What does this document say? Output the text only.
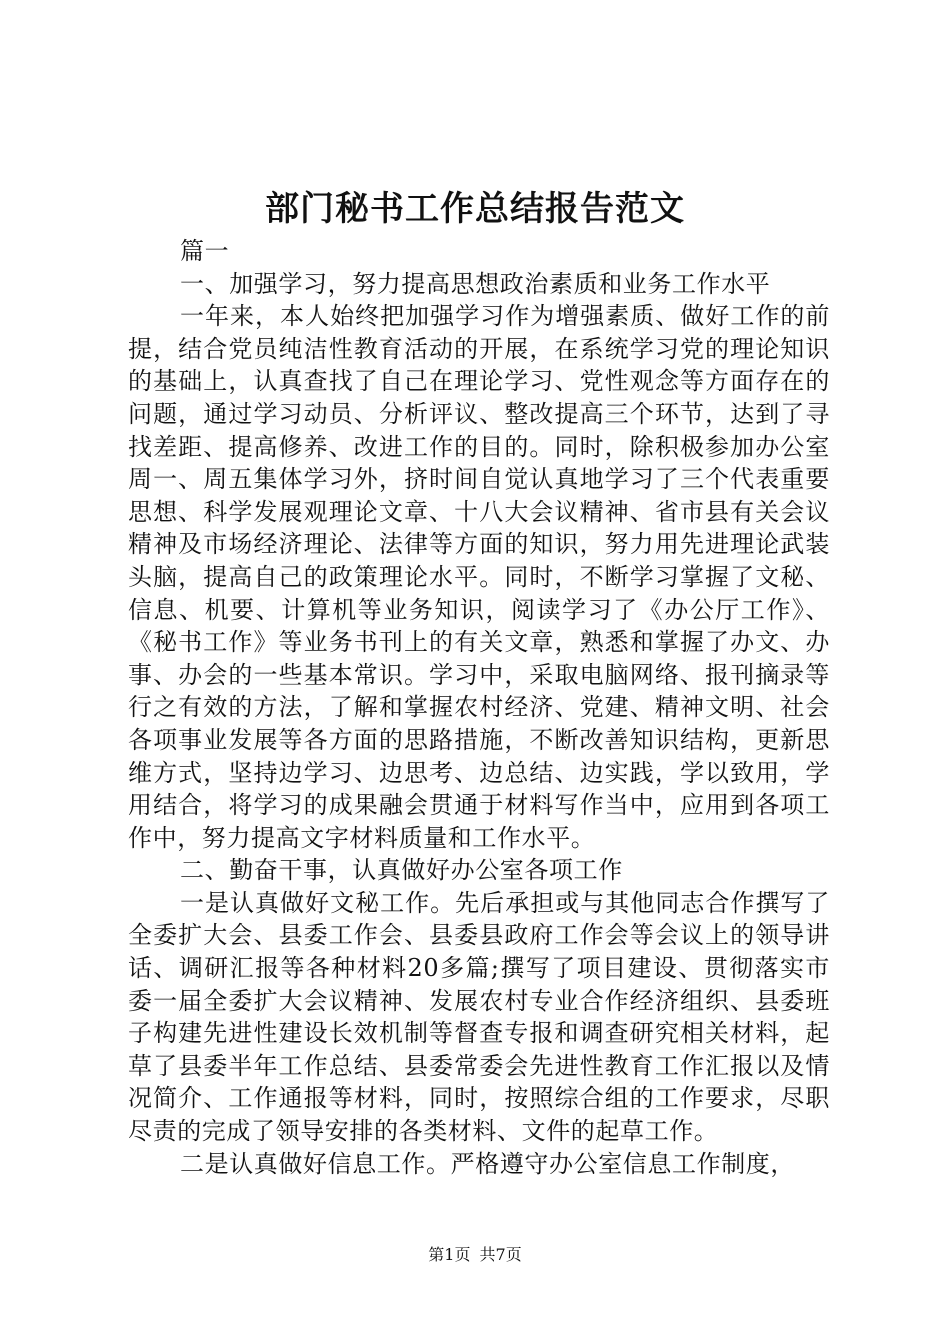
部门秘书工作总结报告范文

篇一

一、加强学习，努力提高思想政治素质和业务工作水平

一年来，本人始终把加强学习作为增强素质、做好工作的前提，结合党员纯洁性教育活动的开展，在系统学习党的理论知识的基础上，认真查找了自己在理论学习、党性观念等方面存在的问题，通过学习动员、分析评议、整改提高三个环节，达到了寻找差距、提高修养、改进工作的目的。同时，除积极参加办公室周一、周五集体学习外，挤时间自觉认真地学习了三个代表重要思想、科学发展观理论文章、十八大会议精神、省市县有关会议精神及市场经济理论、法律等方面的知识，努力用先进理论武装头脑，提高自己的政策理论水平。同时，不断学习掌握了文秘、信息、机要、计算机等业务知识，阅读学习了《办公厅工作》、《秘书工作》等业务书刊上的有关文章，熟悉和掌握了办文、办事、办会的一些基本常识。学习中，采取电脑网络、报刊摘录等行之有效的方法，了解和掌握农村经济、党建、精神文明、社会各项事业发展等各方面的思路措施，不断改善知识结构，更新思维方式，坚持边学习、边思考、边总结、边实践，学以致用，学用结合，将学习的成果融会贯通于材料写作当中，应用到各项工作中，努力提高文字材料质量和工作水平。

二、勤奋干事，认真做好办公室各项工作

一是认真做好文秘工作。先后承担或与其他同志合作撰写了全委扩大会、县委工作会、县委县政府工作会等会议上的领导讲话、调研汇报等各种材料20多篇;撰写了项目建设、贯彻落实市委一届全委扩大会议精神、发展农村专业合作经济组织、县委班子构建先进性建设长效机制等督查专报和调查研究相关材料，起草了县委半年工作总结、县委常委会先进性教育工作汇报以及情况简介、工作通报等材料，同时，按照综合组的工作要求，尽职尽责的完成了领导安排的各类材料、文件的起草工作。

二是认真做好信息工作。严格遵守办公室信息工作制度，

第1页 共7页
